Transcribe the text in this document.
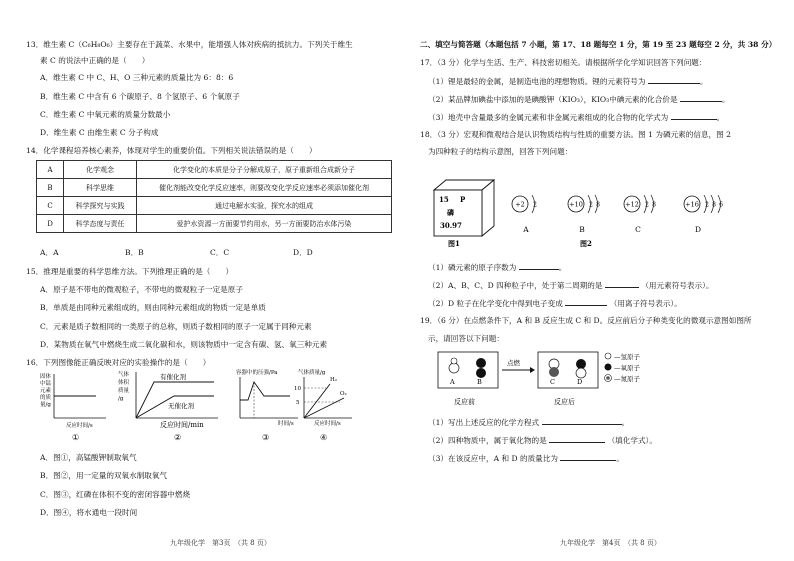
13．维生素 C（C₆H₈O₆）主要存在于蔬菜、水果中，能增强人体对疾病的抵抗力。下列关于维生
素 C 的说法中正确的是（　　）
A．维生素 C 中 C、H、O 三种元素的质量比为 6：8：6
B．维生素 C 中含有 6 个碳原子、8 个氢原子、6 个氧原子
C．维生素 C 中氧元素的质量分数最小
D．维生素 C 由维生素 C 分子构成
14．化学课程培养核心素养，体现对学生的重要价值。下列相关说法错误的是（　　）
A	化学观念	化学变化的本质是分子分解成原子，原子重新组合成新分子
B	科学思维	催化剂能改变化学反应速率，则要改变化学反应速率必须添加催化剂
C	科学探究与实践	通过电解水实验，探究水的组成
D	科学态度与责任	爱护水资源一方面要节约用水，另一方面要防治水体污染
A．A	B．B	C．C	D．D
15．推理是重要的科学思维方法。下列推理正确的是（　　）
A．原子是不带电的微观粒子，不带电的微观粒子一定是原子
B．单质是由同种元素组成的，则由同种元素组成的物质一定是单质
C．元素是质子数相同的一类原子的总称，则质子数相同的原子一定属于同种元素
D．某物质在氧气中燃烧生成二氧化碳和水，则该物质中一定含有碳、氢、氧三种元素
16．下列图像能正确反映对应的实验操作的是（　　）
固体
中锰
元素
的质
量/g
反应时间/s
①
气体
体积
质量
/g
有催化剂
无催化剂
反应时间/min
②
容器中的压强/Pa
时间/s
③
气体质量/g
10
5
H₂
O₂
反应时间/s
④
A．图①，高锰酸钾制取氧气
B．图②，用一定量的双氧水制取氧气
C．图③，红磷在体积不变的密闭容器中燃烧
D．图④，将水通电一段时间
九年级化学　第3页　（共 8 页）
二、填空与简答题（本题包括 7 小题，第 17、18 题每空 1 分，第 19 至 23 题每空 2 分，共 38 分）
17．（3 分）化学与生活、生产、科技密切相关。请根据所学化学知识回答下列问题：
（1）锂是最轻的金属，是制造电池的理想物质。锂的元素符号为	。
（2）某品牌加碘盐中添加的是碘酸钾（KIO₃），KIO₃中碘元素的化合价是	。
（3）地壳中含量最多的金属元素和非金属元素组成的化合物的化学式为	。
18．（3 分）宏观和微观结合是认识物质结构与性质的重要方法。图 1 为磷元素的信息，图 2
为四种粒子的结构示意图，回答下列问题：
15 P
磷
30.97
图1	图2
+2 2
A
+10 2 8
B
+12 2 8
C
+16 2 8 6
D
（1）磷元素的原子序数为	。
（2）A、B、C、D 四种粒子中，处于第二周期的是	（用元素符号表示）。
（2）D 粒子在化学变化中得到电子变成	（用离子符号表示）。
19．（6 分）在点燃条件下，A 和 B 反应生成 C 和 D。反应前后分子种类变化的微观示意图如图所
示，请回答以下问题：
A	B
点燃
C	D
反应前	反应后
—氢原子
—氧原子
—氮原子
（1）写出上述反应的化学方程式	。
（2）四种物质中，属于氧化物的是	（填化学式）。
（3）在该反应中，A 和 D 的质量比为	。
九年级化学　第4页　（共 8 页）
